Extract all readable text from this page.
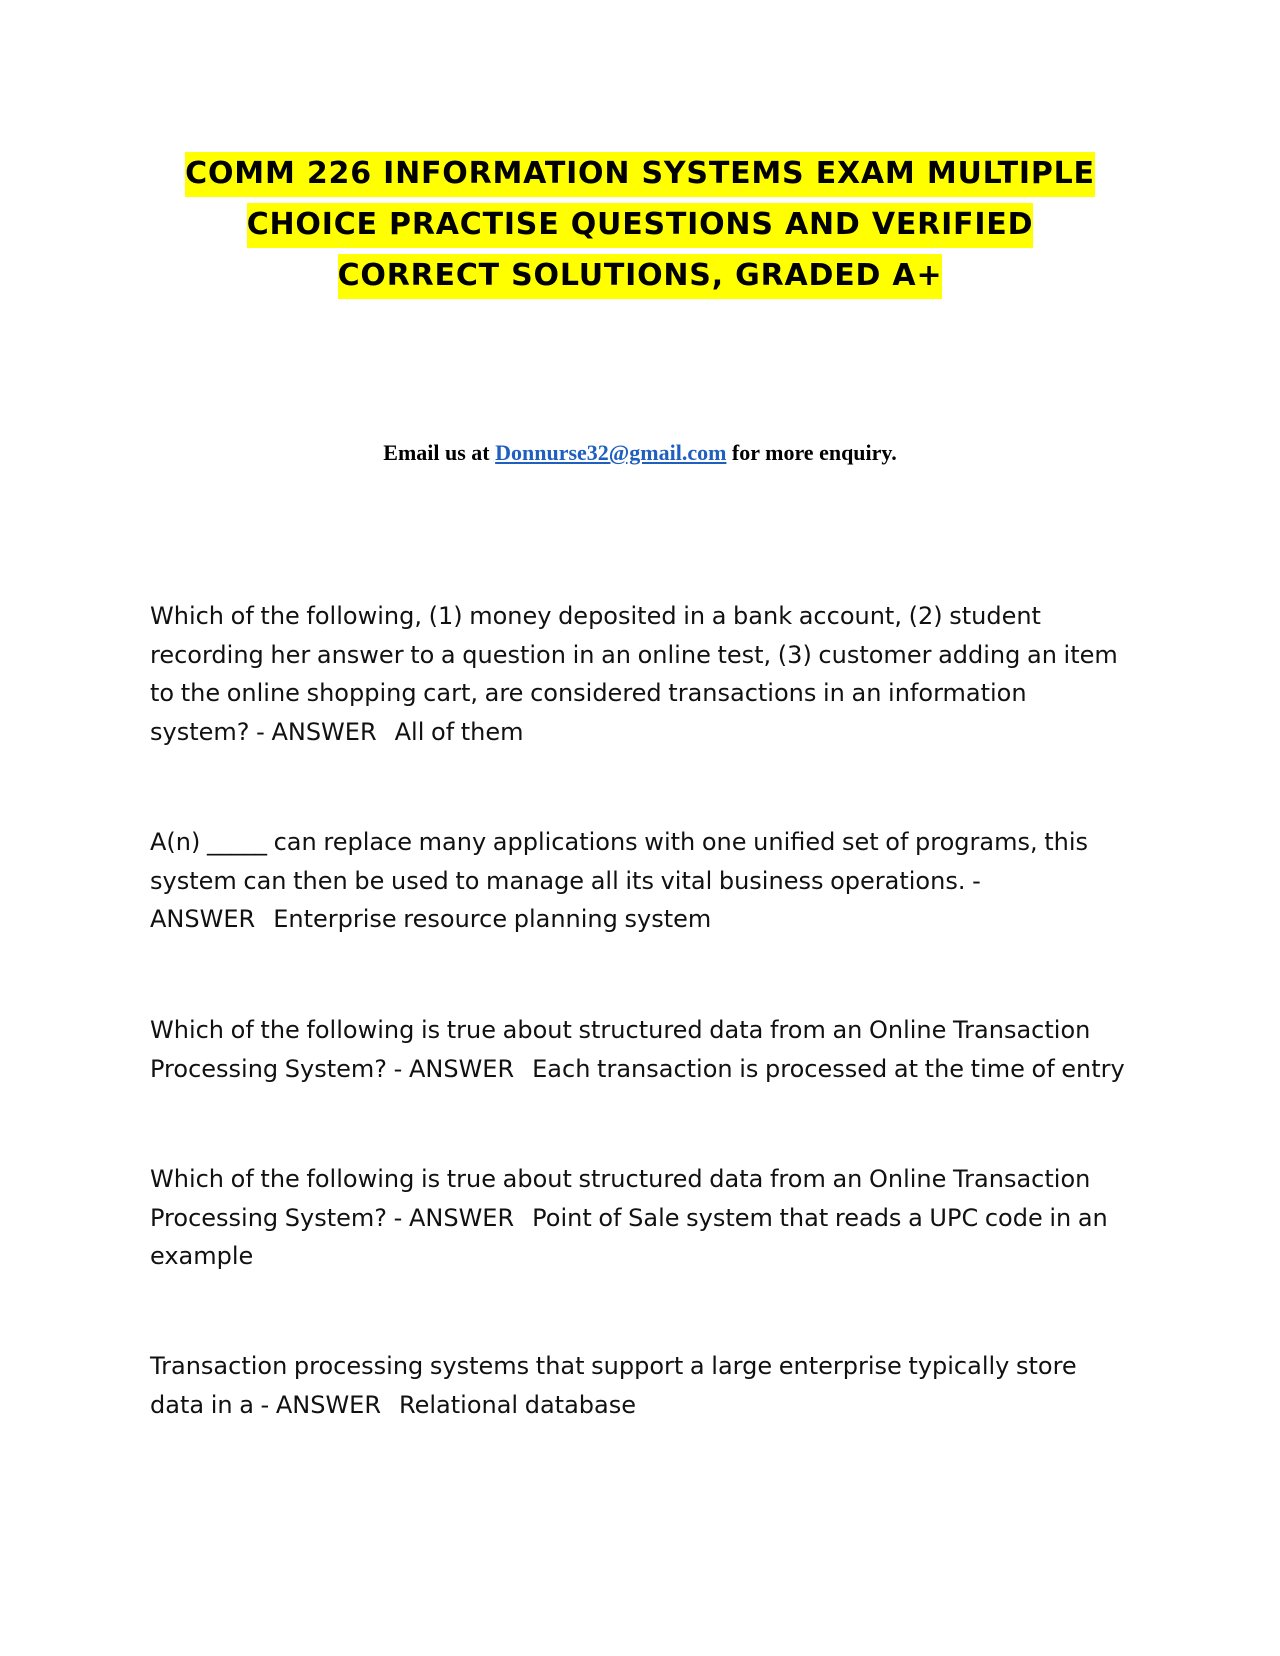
COMM 226 INFORMATION SYSTEMS EXAM MULTIPLE
CHOICE PRACTISE QUESTIONS AND VERIFIED
CORRECT SOLUTIONS, GRADED A+
Email us at Donnurse32@gmail.com for more enquiry.

Which of the following, (1) money deposited in a bank account, (2) student recording her answer to a question in an online test, (3) customer adding an item to the online shopping cart, are considered transactions in an information system? - ANSWER All of them

A(n) _____ can replace many applications with one unified set of programs, this system can then be used to manage all its vital business operations. - ANSWER Enterprise resource planning system

Which of the following is true about structured data from an Online Transaction Processing System? - ANSWER Each transaction is processed at the time of entry

Which of the following is true about structured data from an Online Transaction Processing System? - ANSWER Point of Sale system that reads a UPC code in an example

Transaction processing systems that support a large enterprise typically store data in a - ANSWER Relational database
